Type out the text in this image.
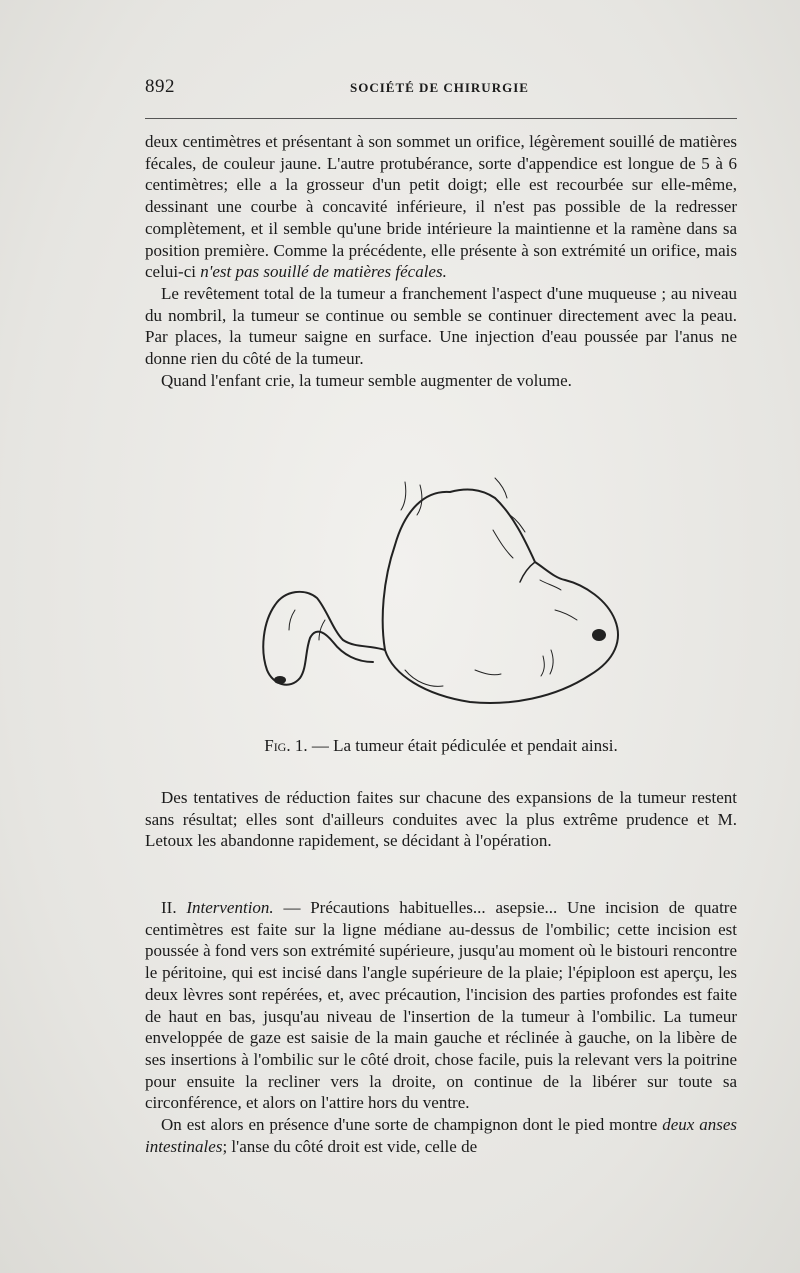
892	SOCIÉTÉ DE CHIRURGIE

deux centimètres et présentant à son sommet un orifice, légèrement souillé de matières fécales, de couleur jaune. L'autre protubérance, sorte d'appendice est longue de 5 à 6 centimètres; elle a la grosseur d'un petit doigt; elle est recourbée sur elle-même, dessinant une courbe à concavité inférieure, il n'est pas possible de la redresser complètement, et il semble qu'une bride intérieure la maintienne et la ramène dans sa position première. Comme la précédente, elle présente à son extrémité un orifice, mais celui-ci n'est pas souillé de matières fécales.

Le revêtement total de la tumeur a franchement l'aspect d'une muqueuse ; au niveau du nombril, la tumeur se continue ou semble se continuer directement avec la peau. Par places, la tumeur saigne en surface. Une injection d'eau poussée par l'anus ne donne rien du côté de la tumeur.

Quand l'enfant crie, la tumeur semble augmenter de volume.

Fig. 1. — La tumeur était pédiculée et pendait ainsi.

Des tentatives de réduction faites sur chacune des expansions de la tumeur restent sans résultat; elles sont d'ailleurs conduites avec la plus extrême prudence et M. Letoux les abandonne rapidement, se décidant à l'opération.

II. Intervention. — Précautions habituelles... asepsie... Une incision de quatre centimètres est faite sur la ligne médiane au-dessus de l'ombilic; cette incision est poussée à fond vers son extrémité supérieure, jusqu'au moment où le bistouri rencontre le péritoine, qui est incisé dans l'angle supérieure de la plaie; l'épiploon est aperçu, les deux lèvres sont repérées, et, avec précaution, l'incision des parties profondes est faite de haut en bas, jusqu'au niveau de l'insertion de la tumeur à l'ombilic. La tumeur enveloppée de gaze est saisie de la main gauche et réclinée à gauche, on la libère de ses insertions à l'ombilic sur le côté droit, chose facile, puis la relevant vers la poitrine pour ensuite la recliner vers la droite, on continue de la libérer sur toute sa circonférence, et alors on l'attire hors du ventre.

On est alors en présence d'une sorte de champignon dont le pied montre deux anses intestinales; l'anse du côté droit est vide, celle de
